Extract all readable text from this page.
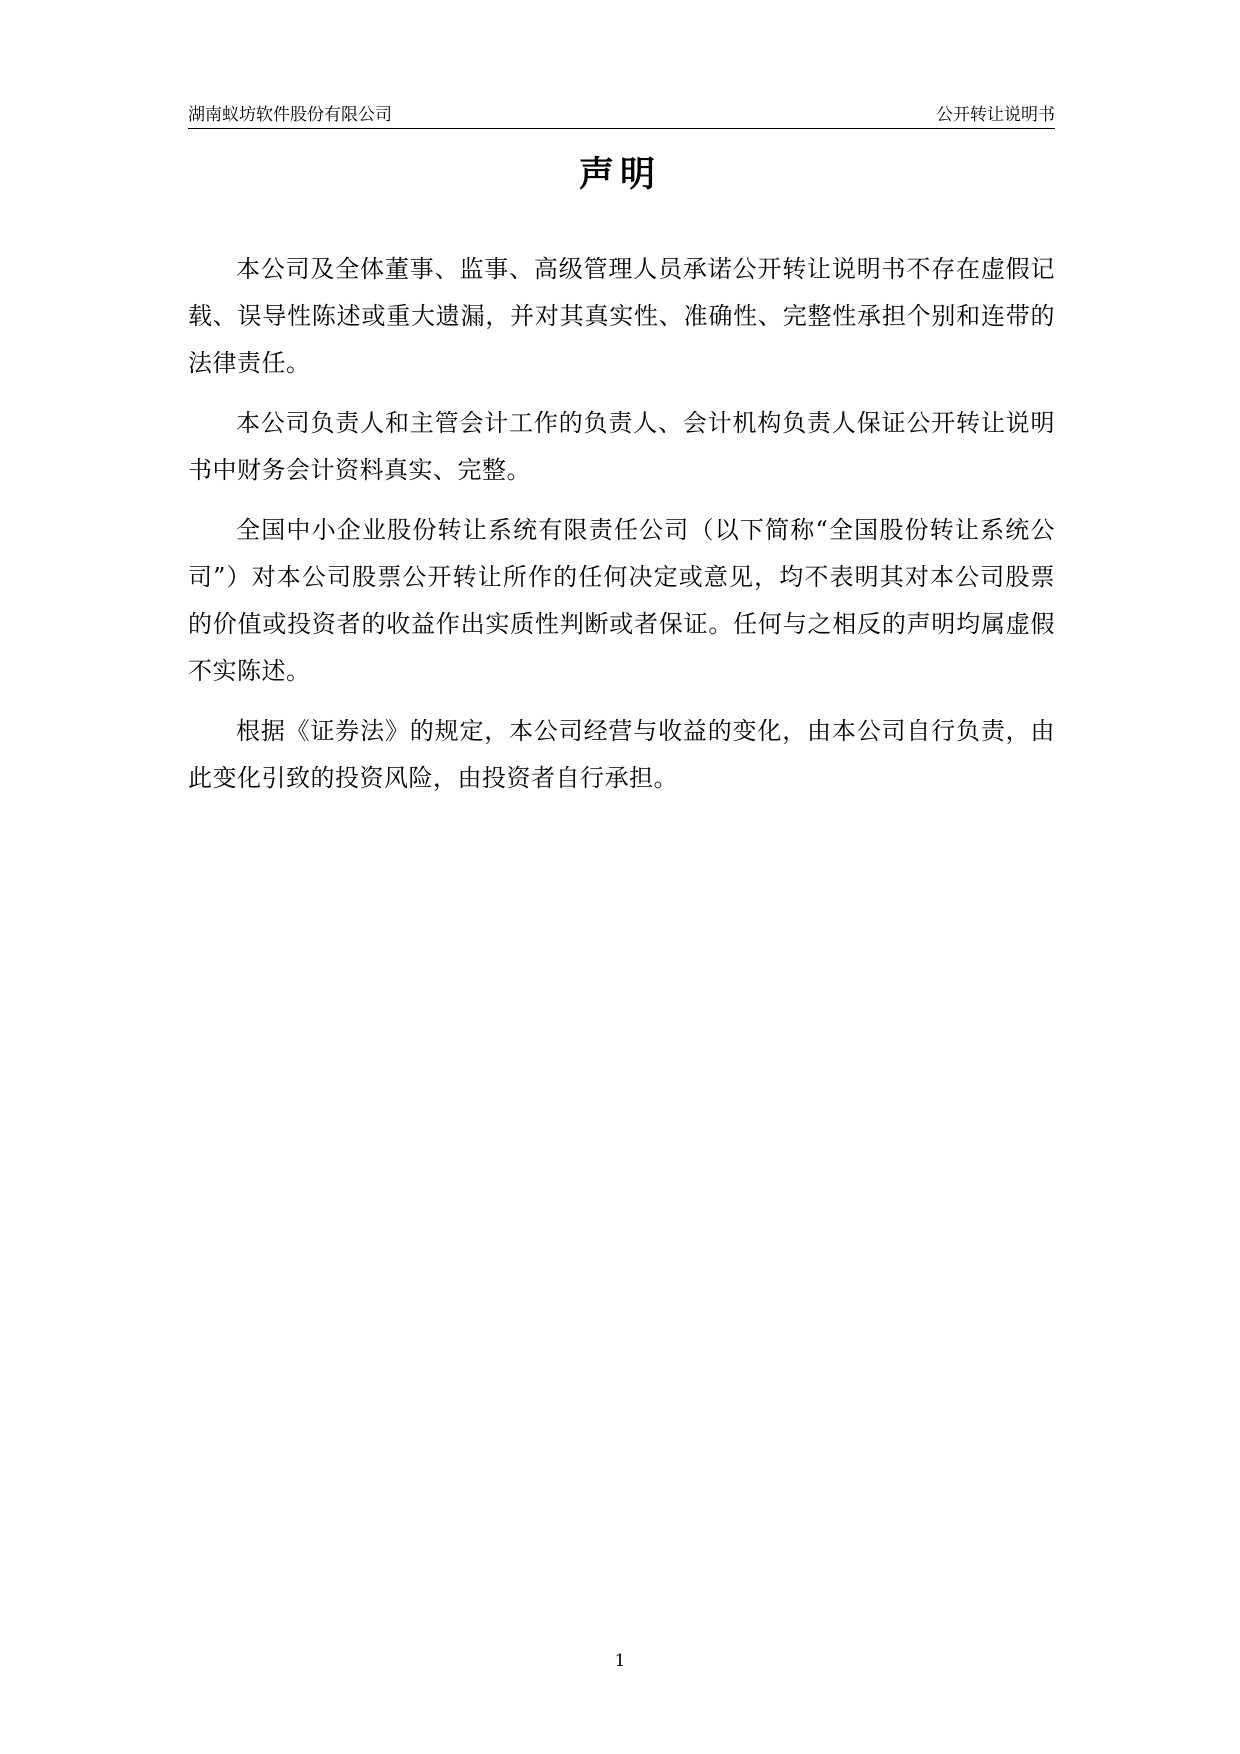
湖南蚁坊软件股份有限公司	公开转让说明书
声明

本公司及全体董事、监事、高级管理人员承诺公开转让说明书不存在虚假记载、误导性陈述或重大遗漏，并对其真实性、准确性、完整性承担个别和连带的法律责任。

本公司负责人和主管会计工作的负责人、会计机构负责人保证公开转让说明书中财务会计资料真实、完整。

全国中小企业股份转让系统有限责任公司（以下简称“全国股份转让系统公司”）对本公司股票公开转让所作的任何决定或意见，均不表明其对本公司股票的价值或投资者的收益作出实质性判断或者保证。任何与之相反的声明均属虚假不实陈述。

根据《证券法》的规定，本公司经营与收益的变化，由本公司自行负责，由此变化引致的投资风险，由投资者自行承担。

1
